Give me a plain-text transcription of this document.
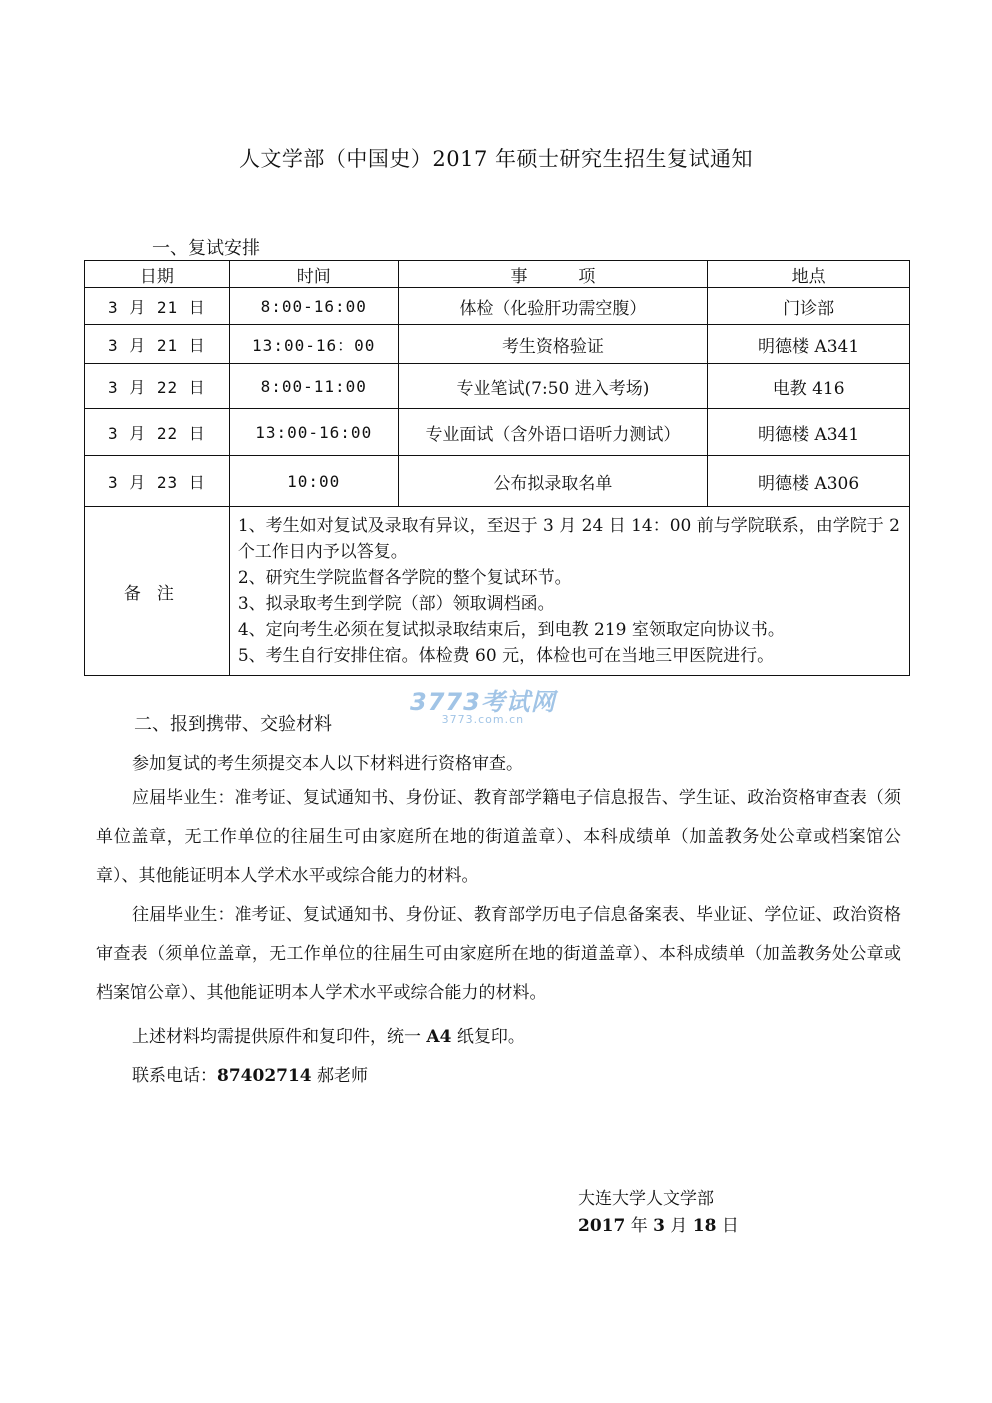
人文学部（中国史）2017 年硕士研究生招生复试通知
一、复试安排
日期	时间	事　　　项	地点
3 月 21 日	8:00-16:00	体检（化验肝功需空腹）	门诊部
3 月 21 日	13:00-16：00	考生资格验证	明德楼 A341
3 月 22 日	8:00-11:00	专业笔试(7:50 进入考场)	电教 416
3 月 22 日	13:00-16:00	专业面试（含外语口语听力测试）	明德楼 A341
3 月 23 日	10:00	公布拟录取名单	明德楼 A306
备注	1、考生如对复试及录取有异议，至迟于 3 月 24 日 14：00 前与学院联系，由学院于 2 个工作日内予以答复。
2、研究生学院监督各学院的整个复试环节。
3、拟录取考生到学院（部）领取调档函。
4、定向考生必须在复试拟录取结束后，到电教 219 室领取定向协议书。
5、考生自行安排住宿。体检费 60 元，体检也可在当地三甲医院进行。		
3773考试网
3773.com.cn
二、报到携带、交验材料
参加复试的考生须提交本人以下材料进行资格审查。
应届毕业生：准考证、复试通知书、身份证、教育部学籍电子信息报告、学生证、政治资格审查表（须单位盖章，无工作单位的往届生可由家庭所在地的街道盖章）、本科成绩单（加盖教务处公章或档案馆公章）、其他能证明本人学术水平或综合能力的材料。
往届毕业生：准考证、复试通知书、身份证、教育部学历电子信息备案表、毕业证、学位证、政治资格审查表（须单位盖章，无工作单位的往届生可由家庭所在地的街道盖章）、本科成绩单（加盖教务处公章或档案馆公章）、其他能证明本人学术水平或综合能力的材料。
上述材料均需提供原件和复印件，统一 A4 纸复印。
联系电话：87402714 郝老师
大连大学人文学部
2017 年 3 月 18 日
